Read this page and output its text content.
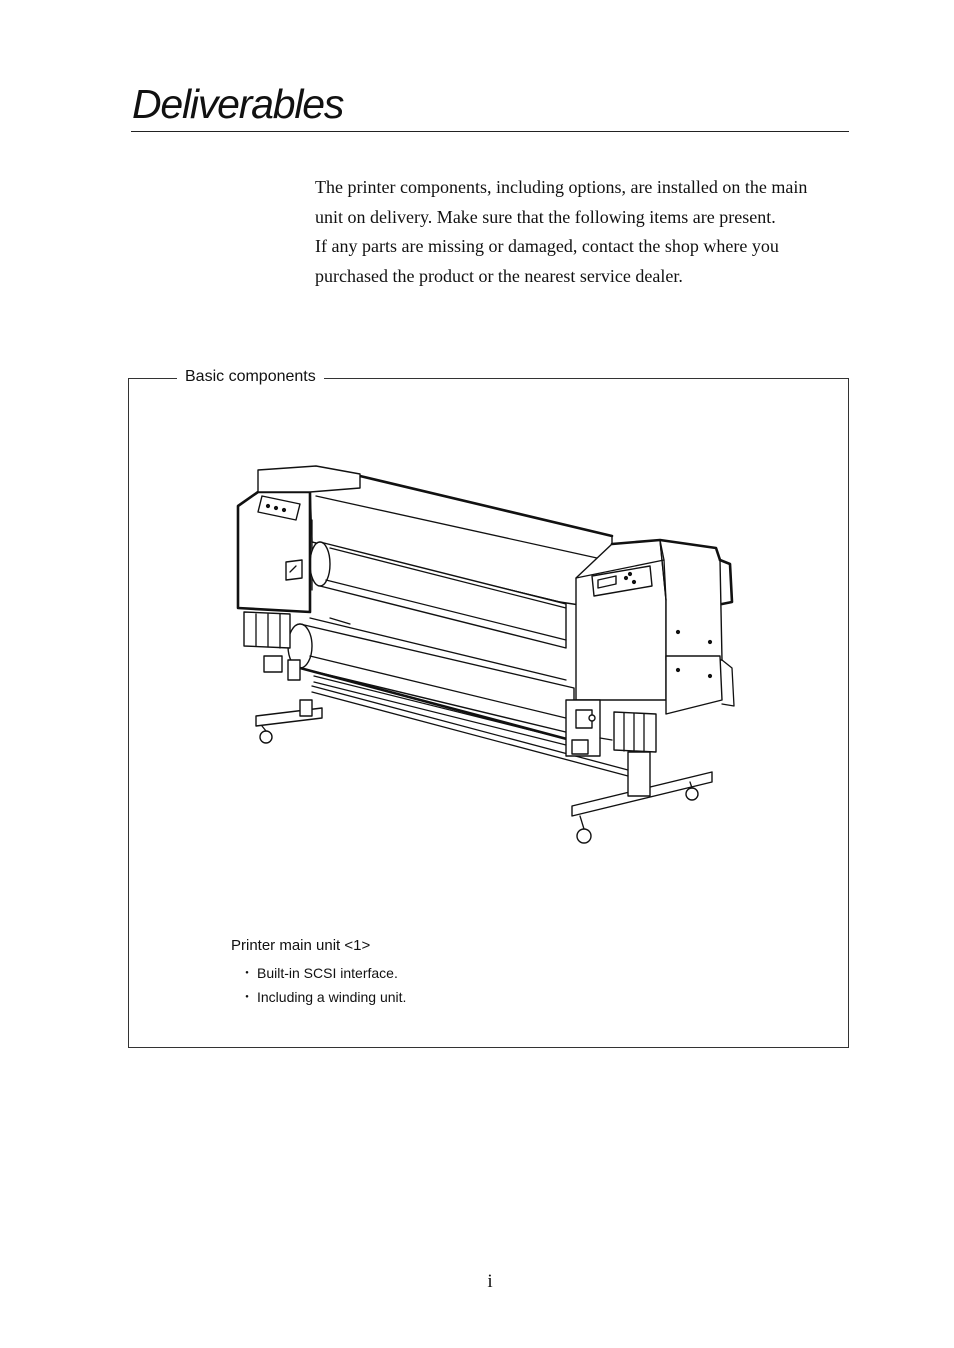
Deliverables

The printer components, including options, are installed on the main
unit on delivery. Make sure that the following items are present.
If any parts are missing or damaged, contact the shop where you
purchased the product or the nearest service dealer.

Basic components
Printer main unit <1>
・ Built-in SCSI interface.
・ Including a winding unit.
i
